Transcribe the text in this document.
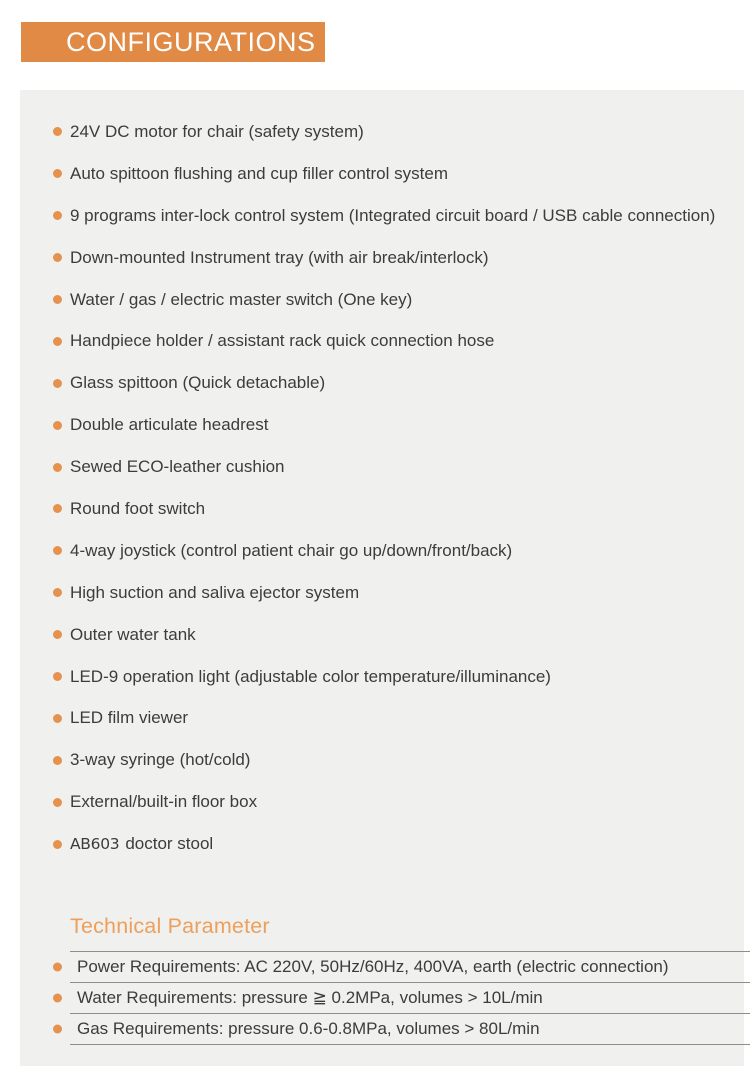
CONFIGURATIONS
24V DC motor for chair (safety system)
Auto spittoon flushing and cup filler control system
9 programs inter-lock control system (Integrated circuit board / USB cable connection)
Down-mounted Instrument tray (with air break/interlock)
Water / gas / electric master switch (One key)
Handpiece holder / assistant rack quick connection hose
Glass spittoon (Quick detachable)
Double articulate headrest
Sewed ECO-leather cushion
Round foot switch
4-way joystick (control patient chair go up/down/front/back)
High suction and saliva ejector system
Outer water tank
LED-9 operation light (adjustable color temperature/illuminance)
LED film viewer
3-way syringe (hot/cold)
External/built-in floor box
AB603 doctor stool
Technical Parameter
Power Requirements: AC 220V, 50Hz/60Hz, 400VA, earth (electric connection)
Water Requirements: pressure ≧ 0.2MPa, volumes > 10L/min
Gas Requirements: pressure 0.6-0.8MPa, volumes > 80L/min
